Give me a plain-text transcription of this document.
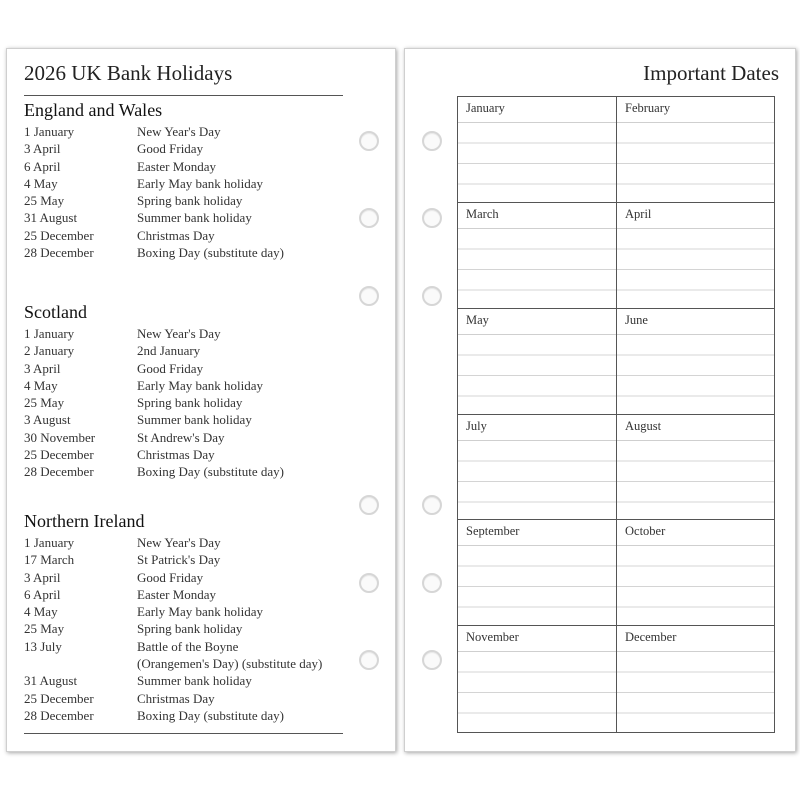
2026 UK Bank Holidays
England and Wales
1 January	New Year's Day
3 April	Good Friday
6 April	Easter Monday
4 May	Early May bank holiday
25 May	Spring bank holiday
31 August	Summer bank holiday
25 December	Christmas Day
28 December	Boxing Day (substitute day)
Scotland
1 January	New Year's Day
2 January	2nd January
3 April	Good Friday
4 May	Early May bank holiday
25 May	Spring bank holiday
3 August	Summer bank holiday
30 November	St Andrew's Day
25 December	Christmas Day
28 December	Boxing Day (substitute day)
Northern Ireland
1 January	New Year's Day
17 March	St Patrick's Day
3 April	Good Friday
6 April	Easter Monday
4 May	Early May bank holiday
25 May	Spring bank holiday
13 July	Battle of the Boyne
(Orangemen's Day) (substitute day)
31 August	Summer bank holiday
25 December	Christmas Day
28 December	Boxing Day (substitute day)
Important Dates
January	February
March	April
May	June
July	August
September	October
November	December
